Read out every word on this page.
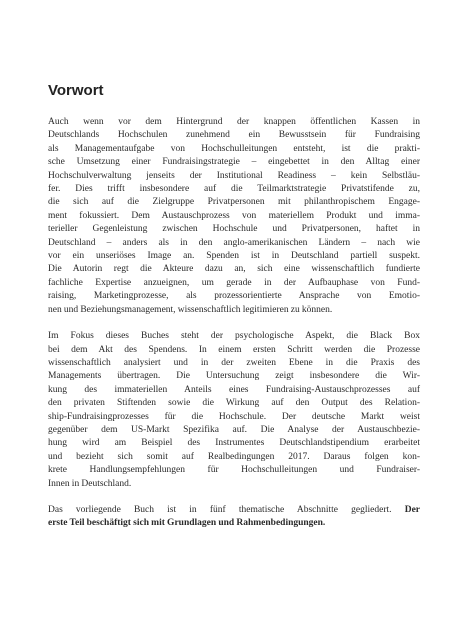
Vorwort

Auch wenn vor dem Hintergrund der knappen öffentlichen Kassen in

Deutschlands Hochschulen zunehmend ein Bewusstsein für Fundraising

als Managementaufgabe von Hochschulleitungen entsteht, ist die prakti-

sche Umsetzung einer Fundraisingstrategie – eingebettet in den Alltag einer

Hochschulverwaltung jenseits der Institutional Readiness – kein Selbstläu-

fer. Dies trifft insbesondere auf die Teilmarktstrategie Privatstifende zu,

die sich auf die Zielgruppe Privatpersonen mit philanthropischem Engage-

ment fokussiert. Dem Austauschprozess von materiellem Produkt und imma-

terieller Gegenleistung zwischen Hochschule und Privatpersonen, haftet in

Deutschland – anders als in den anglo-amerikanischen Ländern – nach wie

vor ein unseriöses Image an. Spenden ist in Deutschland partiell suspekt.

Die Autorin regt die Akteure dazu an, sich eine wissenschaftlich fundierte

fachliche Expertise anzueignen, um gerade in der Aufbauphase von Fund-

raising, Marketingprozesse, als prozessorientierte Ansprache von Emotio-

nen und Beziehungsmanagement, wissenschaftlich legitimieren zu können.

Im Fokus dieses Buches steht der psychologische Aspekt, die Black Box

bei dem Akt des Spendens. In einem ersten Schritt werden die Prozesse

wissenschaftlich analysiert und in der zweiten Ebene in die Praxis des

Managements übertragen. Die Untersuchung zeigt insbesondere die Wir-

kung des immateriellen Anteils eines Fundraising-Austauschprozesses auf

den privaten Stiftenden sowie die Wirkung auf den Output des Relation-

ship-Fundraisingprozesses für die Hochschule. Der deutsche Markt weist

gegenüber dem US-Markt Spezifika auf. Die Analyse der Austauschbezie-

hung wird am Beispiel des Instrumentes Deutschlandstipendium erarbeitet

und bezieht sich somit auf Realbedingungen 2017. Daraus folgen kon-

krete Handlungsempfehlungen für Hochschulleitungen und Fundraiser-

Innen in Deutschland.

Das vorliegende Buch ist in fünf thematische Abschnitte gegliedert. Der

erste Teil beschäftigt sich mit Grundlagen und Rahmenbedingungen.
